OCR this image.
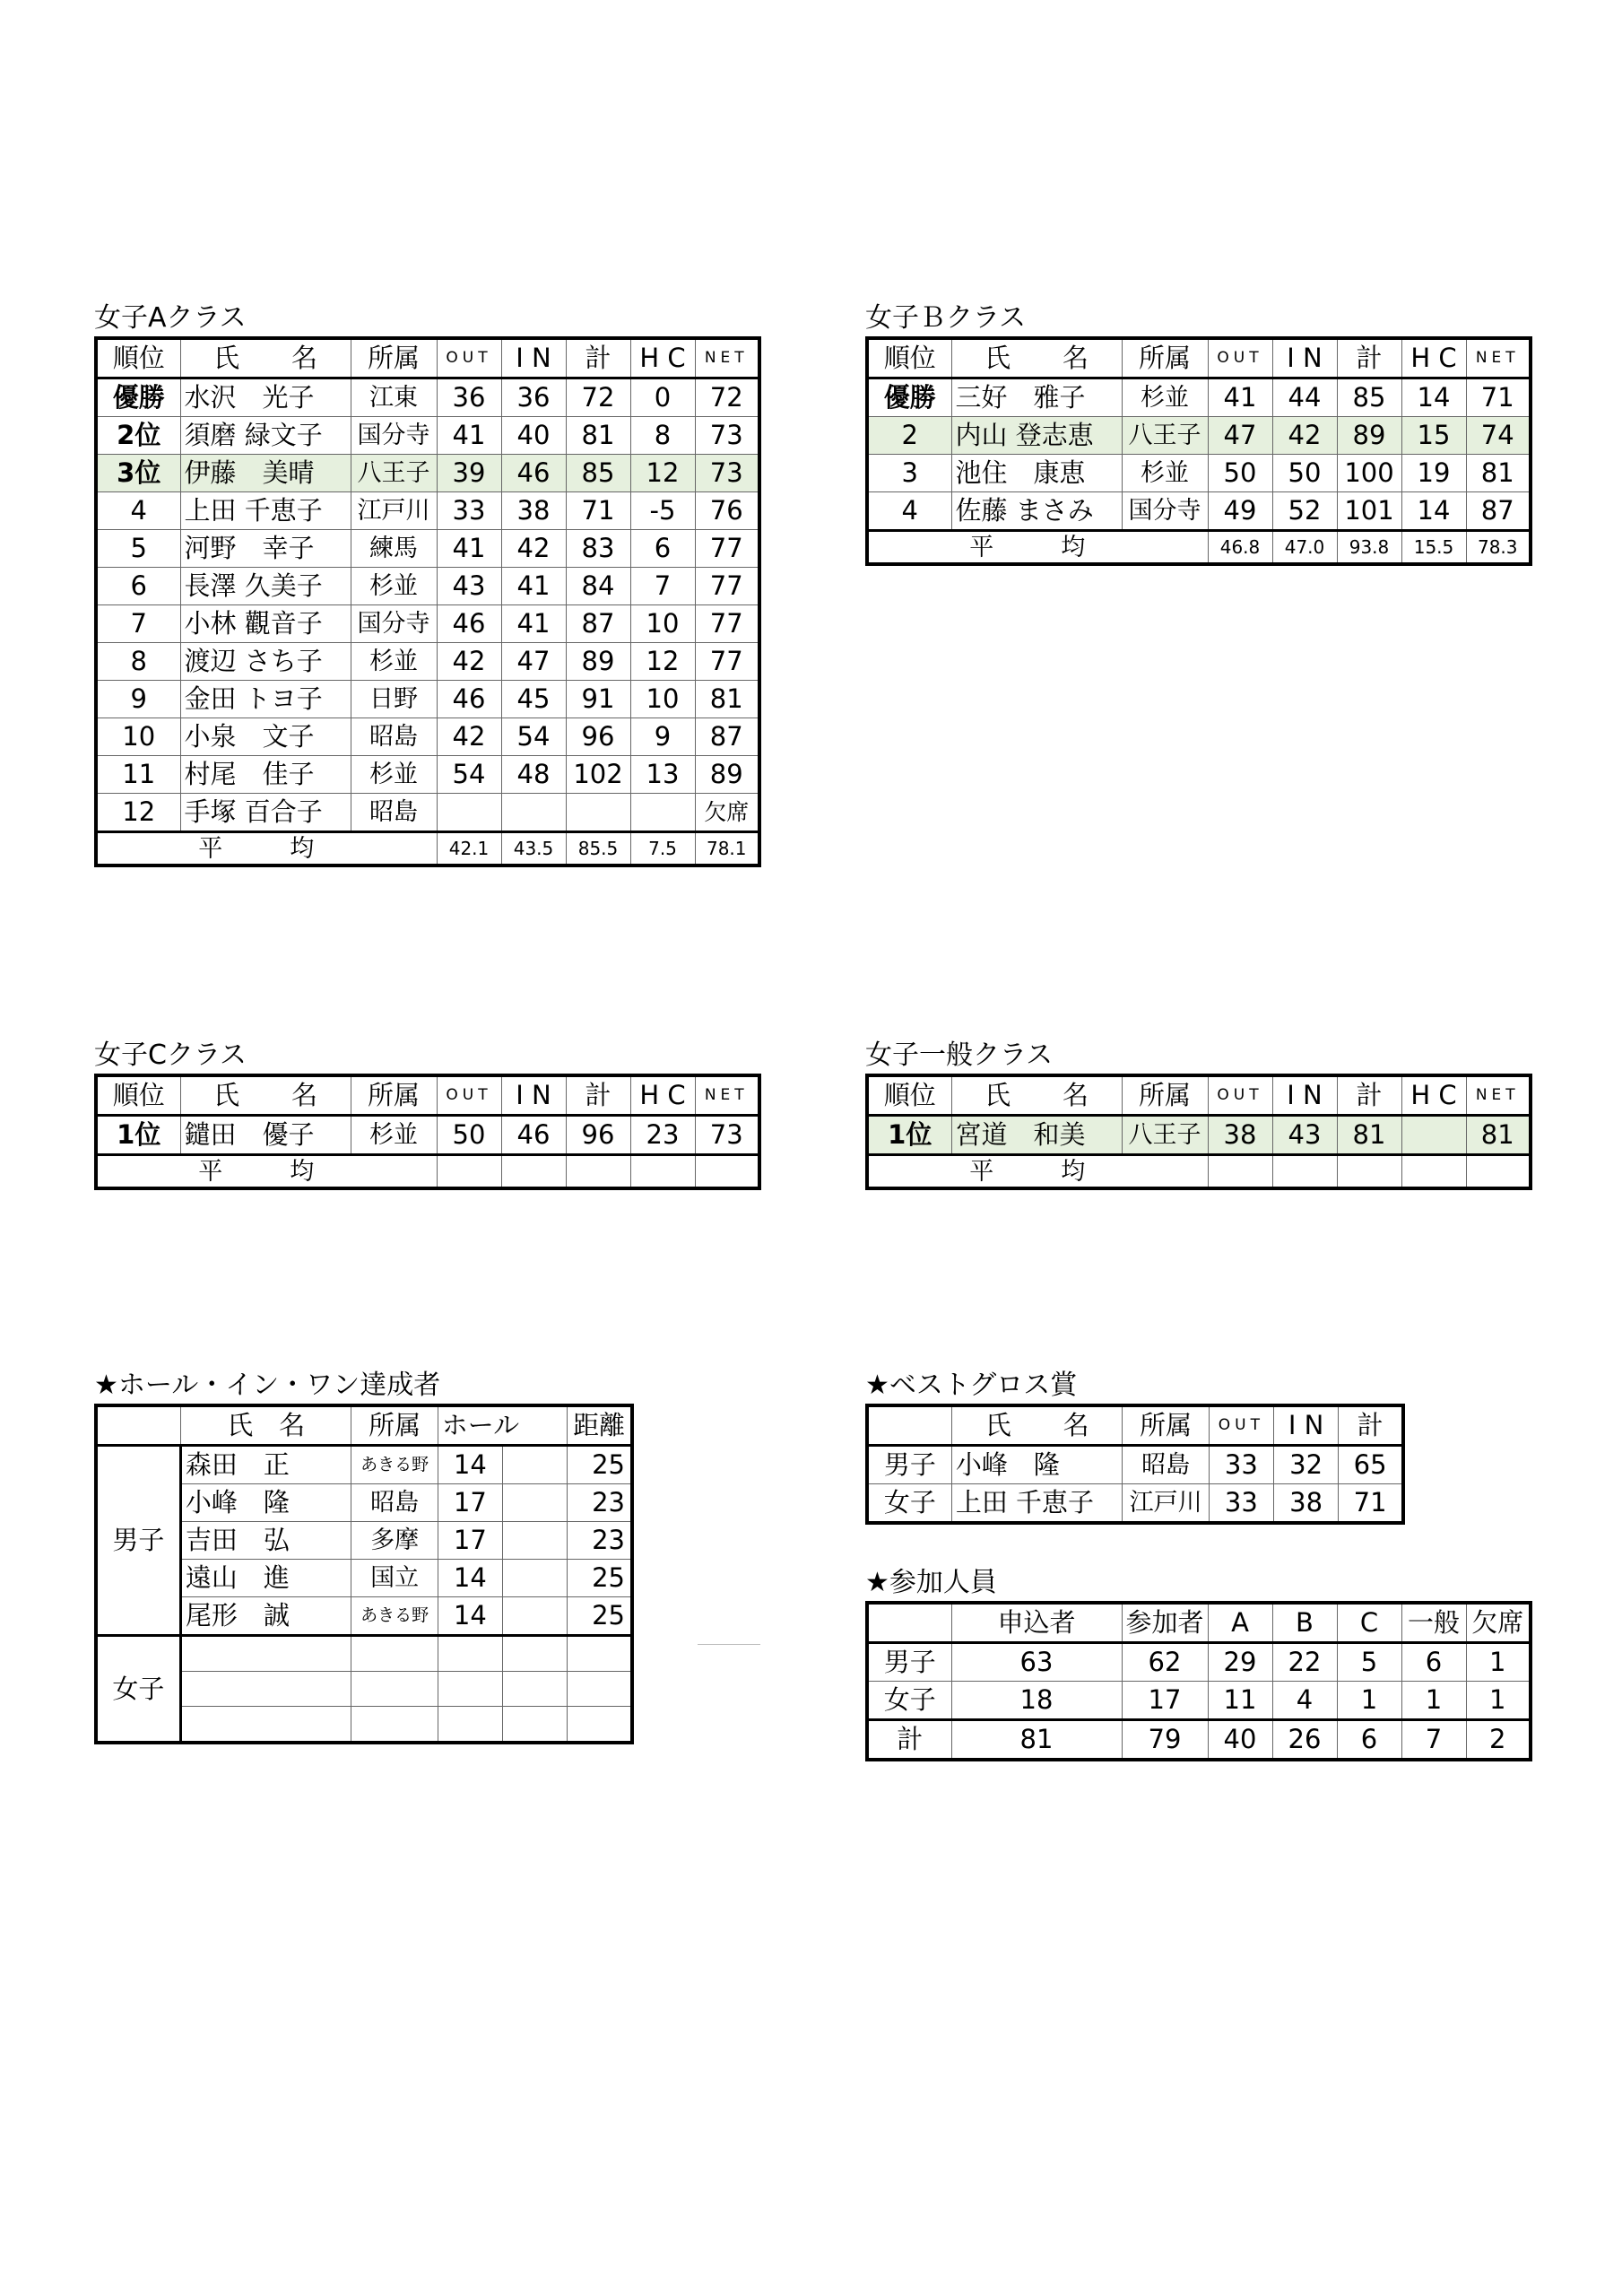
女子Aクラス
順位	氏　　名	所属	OUT	I N	計	H C	NET
優勝	水沢　光子	江東	36	36	72	0	72
2位	須磨 緑文子	国分寺	41	40	81	8	73
3位	伊藤　美晴	八王子	39	46	85	12	73
4	上田 千恵子	江戸川	33	38	71	-5	76
5	河野　幸子	練馬	41	42	83	6	77
6	長澤 久美子	杉並	43	41	84	7	77
7	小林 觀音子	国分寺	46	41	87	10	77
8	渡辺 さち子	杉並	42	47	89	12	77
9	金田 トヨ子	日野	46	45	91	10	81
10	小泉　文子	昭島	42	54	96	9	87
11	村尾　佳子	杉並	54	48	102	13	89
12	手塚 百合子	昭島					欠席
平　均			42.1	43.5	85.5	7.5	78.1
女子Ｂクラス
順位	氏　　名	所属	OUT	I N	計	H C	NET
優勝	三好　雅子	杉並	41	44	85	14	71
2	内山 登志恵	八王子	47	42	89	15	74
3	池住　康恵	杉並	50	50	100	19	81
4	佐藤 まさみ	国分寺	49	52	101	14	87
平　均			46.8	47.0	93.8	15.5	78.3
女子Cクラス
順位	氏　　名	所属	OUT	I N	計	H C	NET
1位	鑓田　優子	杉並	50	46	96	23	73
平　均							
女子一般クラス
順位	氏　　名	所属	OUT	I N	計	H C	NET
1位	宮道　和美	八王子	38	43	81		81
平　均							
★ホール・イン・ワン達成者
	氏　名	所属	ホール		距離
男子	森田　正	あきる野	14		25
	小峰　隆	昭島	17		23
	吉田　弘	多摩	17		23
	遠山　進	国立	14		25
	尾形　誠	あきる野	14		25
女子					

★ベストグロス賞
	氏　　名	所属	OUT	I N	計
男子	小峰　隆	昭島	33	32	65
女子	上田 千恵子	江戸川	33	38	71
★参加人員
	申込者	参加者	A	B	C	一般	欠席
男子	63	62	29	22	5	6	1
女子	18	17	11	4	1	1	1
計	81	79	40	26	6	7	2
